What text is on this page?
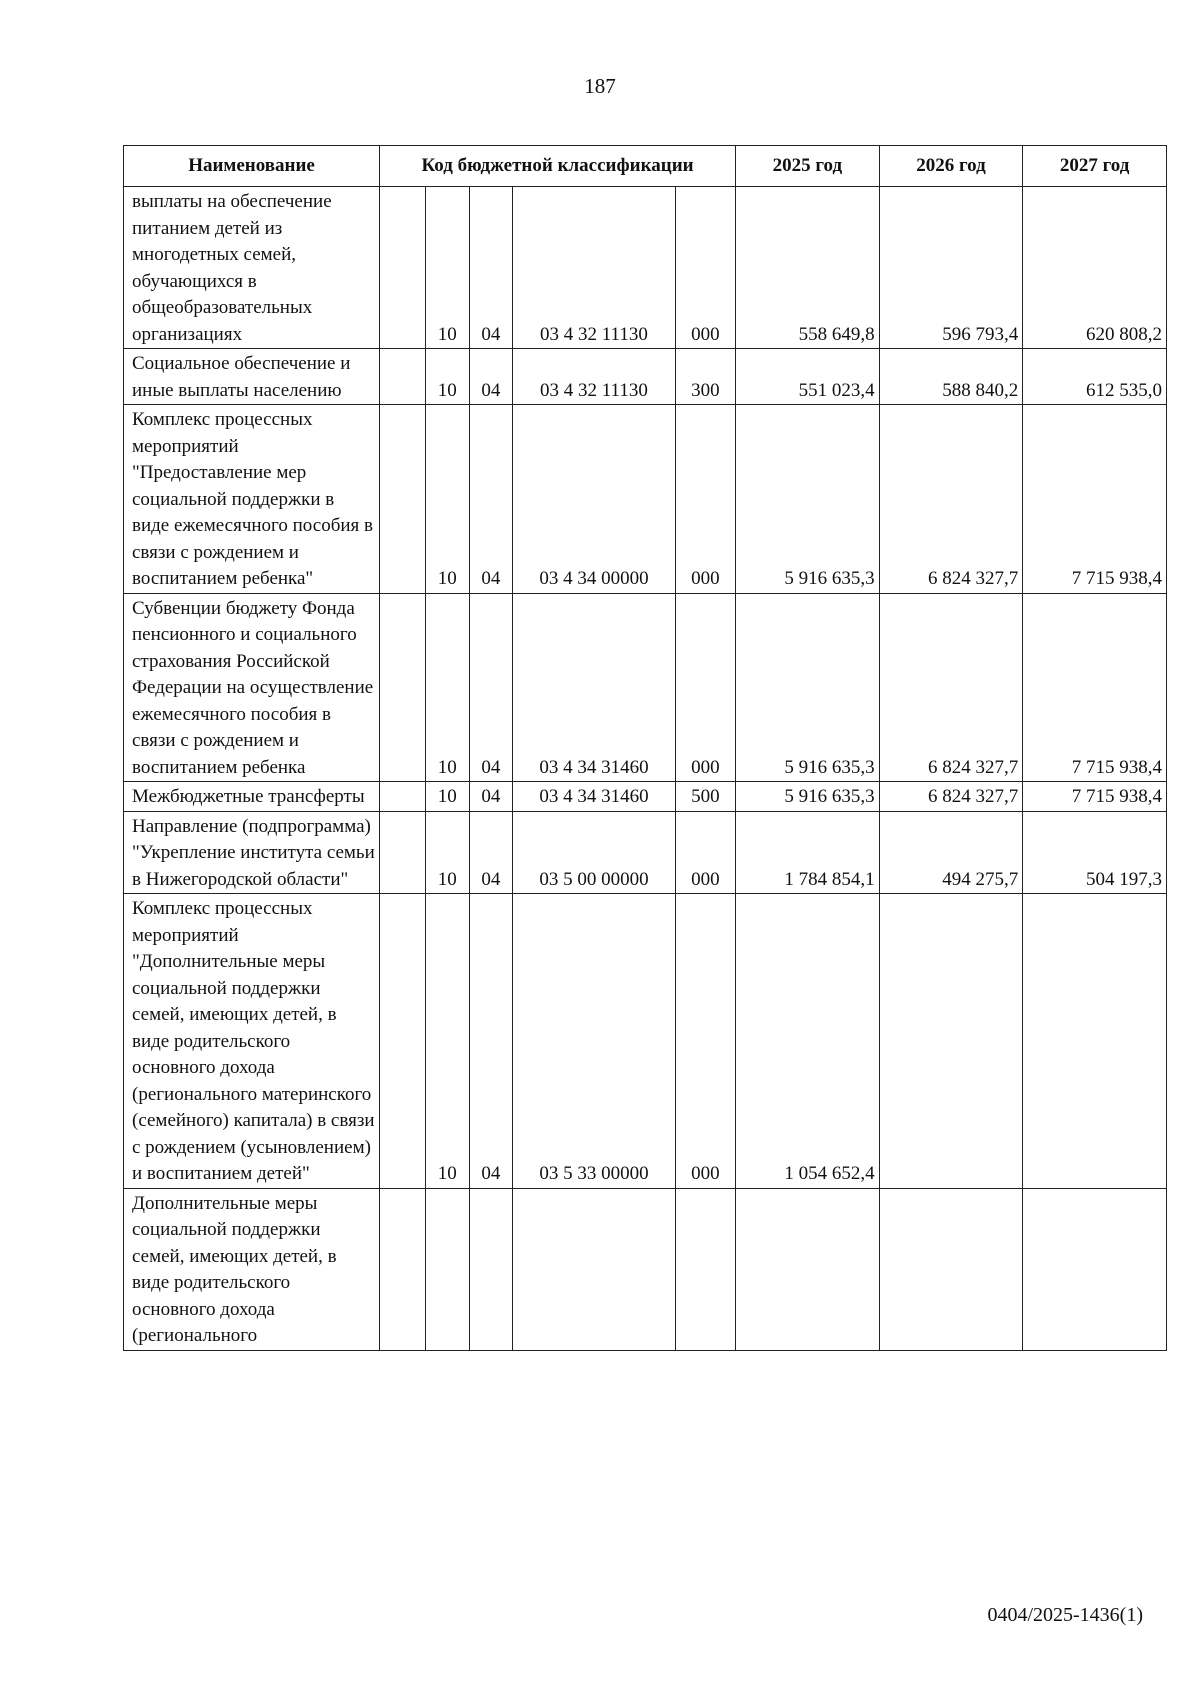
187
Наименование	Код бюджетной классификации					2025 год	2026 год	2027 год
выплаты на обеспечение питанием детей из многодетных семей, обучающихся в общеобразовательных организациях		10	04	03 4 32 11130	000	558 649,8	596 793,4	620 808,2
Социальное обеспечение и иные выплаты населению		10	04	03 4 32 11130	300	551 023,4	588 840,2	612 535,0
Комплекс процессных мероприятий "Предоставление мер социальной поддержки в виде ежемесячного пособия в связи с рождением и воспитанием ребенка"		10	04	03 4 34 00000	000	5 916 635,3	6 824 327,7	7 715 938,4
Субвенции бюджету Фонда пенсионного и социального страхования Российской Федерации на осуществление ежемесячного пособия в связи с рождением и воспитанием ребенка		10	04	03 4 34 31460	000	5 916 635,3	6 824 327,7	7 715 938,4
Межбюджетные трансферты		10	04	03 4 34 31460	500	5 916 635,3	6 824 327,7	7 715 938,4
Направление (подпрограмма) "Укрепление института семьи в Нижегородской области"		10	04	03 5 00 00000	000	1 784 854,1	494 275,7	504 197,3
Комплекс процессных мероприятий "Дополнительные меры социальной поддержки семей, имеющих детей, в виде родительского основного дохода (регионального материнского (семейного) капитала) в связи с рождением (усыновлением) и воспитанием детей"		10	04	03 5 33 00000	000	1 054 652,4		
Дополнительные меры социальной поддержки семей, имеющих детей, в виде родительского основного дохода (регионального								
0404/2025-1436(1)
